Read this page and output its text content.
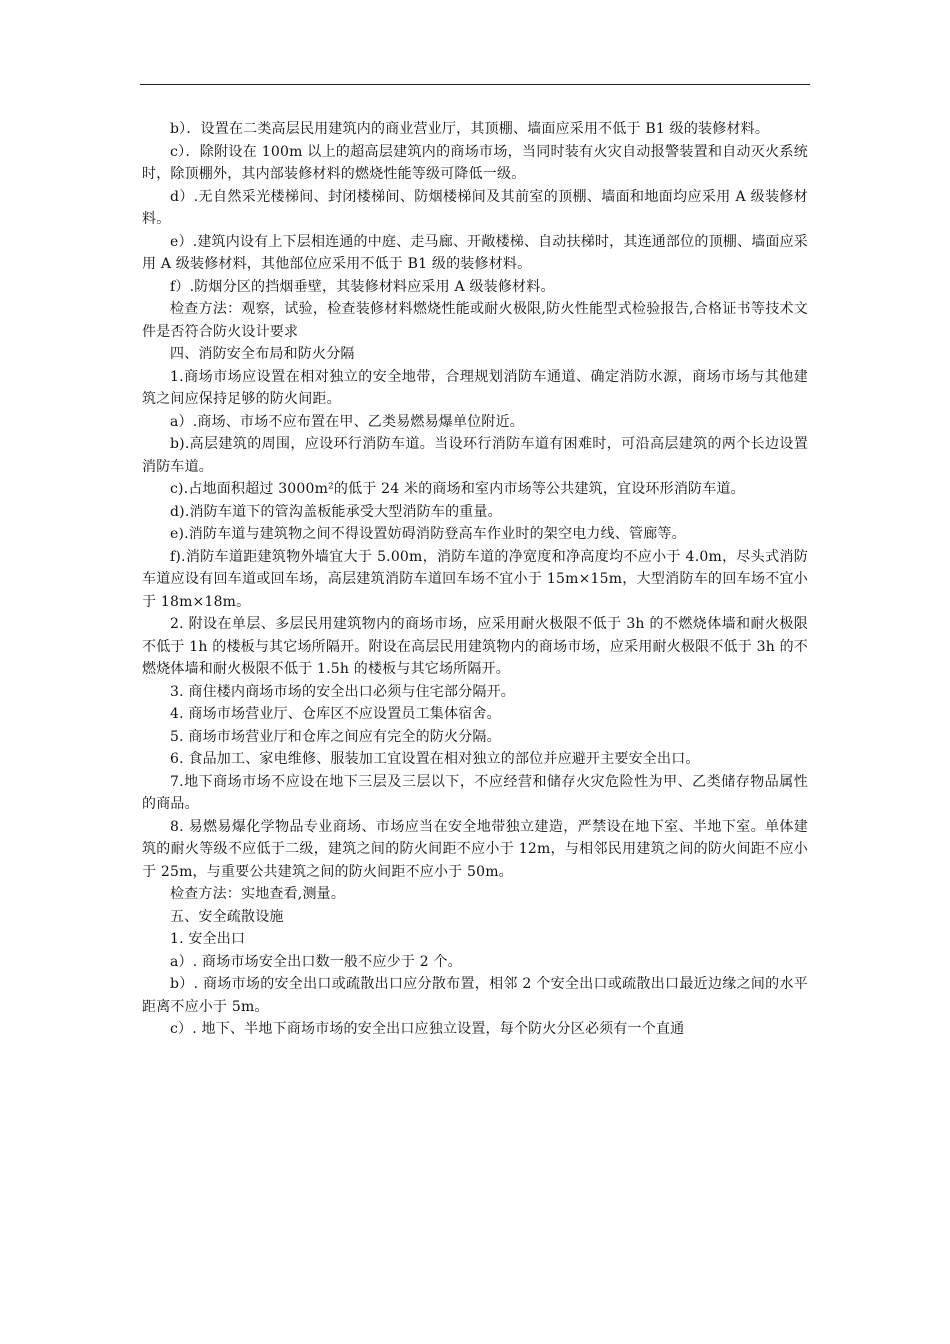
b）．设置在二类高层民用建筑内的商业营业厅，其顶棚、墙面应采用不低于 B1 级的装修材料。

c）．除附设在 100m 以上的超高层建筑内的商场市场，当同时装有火灾自动报警装置和自动灭火系统时，除顶棚外，其内部装修材料的燃烧性能等级可降低一级。

d）.无自然采光楼梯间、封闭楼梯间、防烟楼梯间及其前室的顶棚、墙面和地面均应采用 A 级装修材料。

e）.建筑内设有上下层相连通的中庭、走马廊、开敞楼梯、自动扶梯时，其连通部位的顶棚、墙面应采用 A 级装修材料，其他部位应采用不低于 B1 级的装修材料。

f）.防烟分区的挡烟垂壁，其装修材料应采用 A 级装修材料。

检查方法：观察，试验，检查装修材料燃烧性能或耐火极限,防火性能型式检验报告,合格证书等技术文件是否符合防火设计要求

四、消防安全布局和防火分隔

1.商场市场应设置在相对独立的安全地带，合理规划消防车通道、确定消防水源，商场市场与其他建筑之间应保持足够的防火间距。

a）.商场、市场不应布置在甲、乙类易燃易爆单位附近。

b).高层建筑的周围，应设环行消防车道。当设环行消防车道有困难时，可沿高层建筑的两个长边设置消防车道。

c).占地面积超过 3000m²的低于 24 米的商场和室内市场等公共建筑，宜设环形消防车道。

d).消防车道下的管沟盖板能承受大型消防车的重量。

e).消防车道与建筑物之间不得设置妨碍消防登高车作业时的架空电力线、管廊等。

f).消防车道距建筑物外墙宜大于 5.00m，消防车道的净宽度和净高度均不应小于 4.0m，尽头式消防车道应设有回车道或回车场，高层建筑消防车道回车场不宜小于 15m×15m，大型消防车的回车场不宜小于 18m×18m。

2. 附设在单层、多层民用建筑物内的商场市场，应采用耐火极限不低于 3h 的不燃烧体墙和耐火极限不低于 1h 的楼板与其它场所隔开。附设在高层民用建筑物内的商场市场，应采用耐火极限不低于 3h 的不燃烧体墙和耐火极限不低于 1.5h 的楼板与其它场所隔开。

3. 商住楼内商场市场的安全出口必须与住宅部分隔开。

4. 商场市场营业厅、仓库区不应设置员工集体宿舍。

5. 商场市场营业厅和仓库之间应有完全的防火分隔。

6. 食品加工、家电维修、服装加工宜设置在相对独立的部位并应避开主要安全出口。

7.地下商场市场不应设在地下三层及三层以下，不应经营和储存火灾危险性为甲、乙类储存物品属性的商品。

8. 易燃易爆化学物品专业商场、市场应当在安全地带独立建造，严禁设在地下室、半地下室。单体建筑的耐火等级不应低于二级，建筑之间的防火间距不应小于 12m，与相邻民用建筑之间的防火间距不应小于 25m，与重要公共建筑之间的防火间距不应小于 50m。

检查方法：实地查看,测量。

五、安全疏散设施

1. 安全出口

a）. 商场市场安全出口数一般不应少于 2 个。

b）. 商场市场的安全出口或疏散出口应分散布置，相邻 2 个安全出口或疏散出口最近边缘之间的水平距离不应小于 5m。

c）. 地下、半地下商场市场的安全出口应独立设置，每个防火分区必须有一个直通
